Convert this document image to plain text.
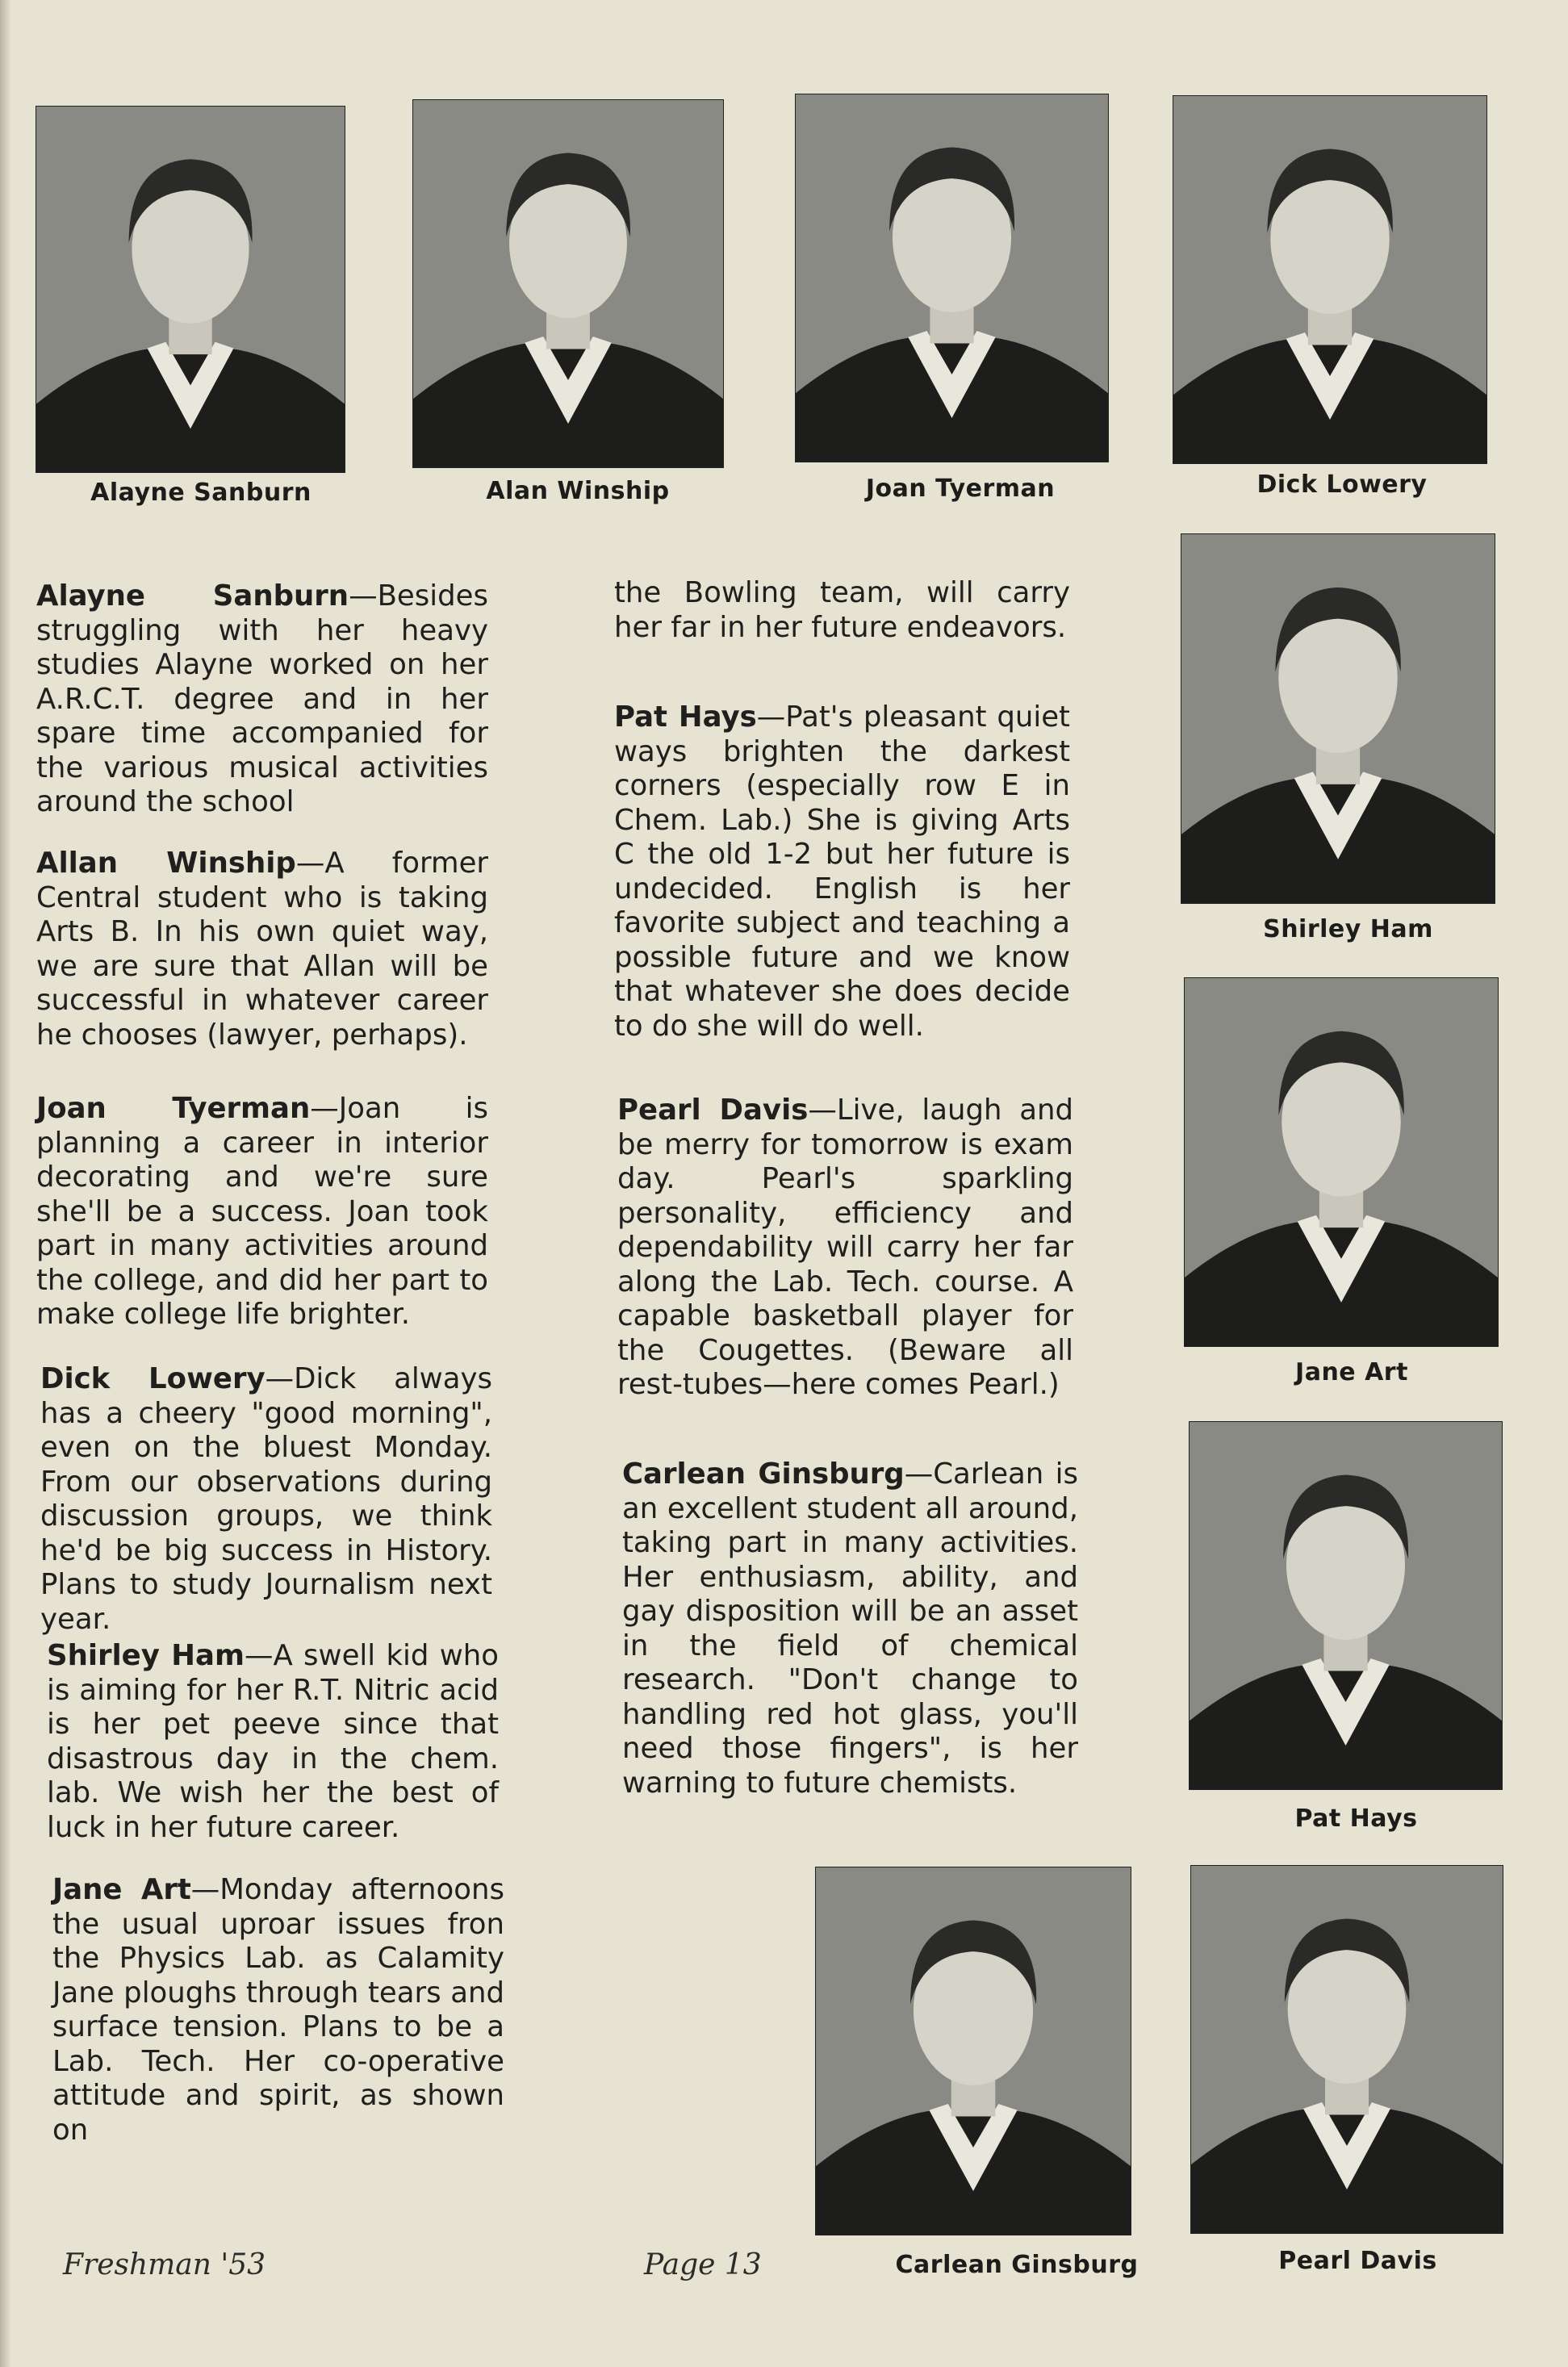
Alayne Sanburn	Alan Winship	Joan Tyerman	Dick Lowery
Shirley Ham
Jane Art
Pat Hays
Carlean Ginsburg	Pearl Davis
Alayne Sanburn—Besides struggling with her heavy studies Alayne worked on her A.R.C.T. degree and in her spare time accompanied for the various musical activities around the school
Allan Winship—A former Central student who is taking Arts B. In his own quiet way, we are sure that Allan will be successful in whatever career he chooses (lawyer, perhaps).
Joan Tyerman—Joan is planning a career in interior decorating and we're sure she'll be a success. Joan took part in many activities around the college, and did her part to make college life brighter.
Dick Lowery—Dick always has a cheery "good morning", even on the bluest Monday. From our observations during discussion groups, we think he'd be big success in History. Plans to study Journalism next year.
Shirley Ham—A swell kid who is aiming for her R.T. Nitric acid is her pet peeve since that disastrous day in the chem. lab. We wish her the best of luck in her future career.
Jane Art—Monday afternoons the usual uproar issues fron the Physics Lab. as Calamity Jane ploughs through tears and surface tension. Plans to be a Lab. Tech. Her co-operative attitude and spirit, as shown on
the Bowling team, will carry her far in her future endeavors.
Pat Hays—Pat's pleasant quiet ways brighten the darkest corners (especially row E in Chem. Lab.) She is giving Arts C the old 1-2 but her future is undecided. English is her favorite subject and teaching a possible future and we know that whatever she does decide to do she will do well.
Pearl Davis—Live, laugh and be merry for tomorrow is exam day. Pearl's sparkling personality, efficiency and dependability will carry her far along the Lab. Tech. course. A capable basketball player for the Cougettes. (Beware all rest-tubes—here comes Pearl.)
Carlean Ginsburg—Carlean is an excellent student all around, taking part in many activities. Her enthusiasm, ability, and gay disposition will be an asset in the field of chemical research. "Don't change to handling red hot glass, you'll need those fingers", is her warning to future chemists.
Freshman '53	Page 13
